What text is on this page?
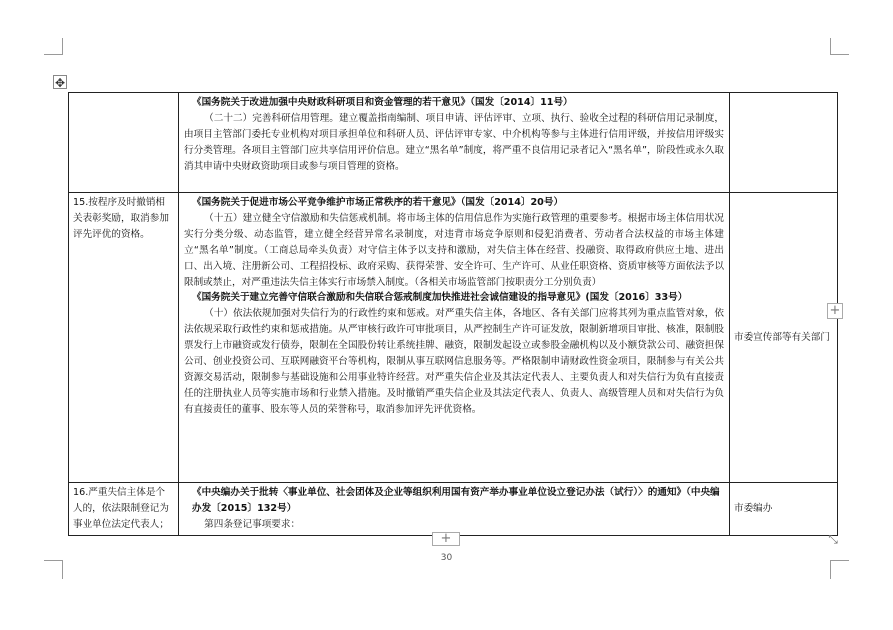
✥

	《国务院关于改进加强中央财政科研项目和资金管理的若干意见》（国发〔2014〕11号）
（二十二）完善科研信用管理。建立覆盖指南编制、项目申请、评估评审、立项、执行、验收全过程的科研信用记录制度，由项目主管部门委托专业机构对项目承担单位和科研人员、评估评审专家、中介机构等参与主体进行信用评级，并按信用评级实行分类管理。各项目主管部门应共享信用评价信息。建立“黑名单”制度，将严重不良信用记录者记入“黑名单”，阶段性或永久取消其申请中央财政资助项目或参与项目管理的资格。	

15.按程序及时撤销相关表彰奖励，取消参加评先评优的资格。	《国务院关于促进市场公平竞争维护市场正常秩序的若干意见》（国发〔2014〕20号）
（十五）建立健全守信激励和失信惩戒机制。将市场主体的信用信息作为实施行政管理的重要参考。根据市场主体信用状况实行分类分级、动态监管，建立健全经营异常名录制度，对违背市场竞争原则和侵犯消费者、劳动者合法权益的市场主体建立“黑名单”制度。（工商总局牵头负责）对守信主体予以支持和激励，对失信主体在经营、投融资、取得政府供应土地、进出口、出入境、注册新公司、工程招投标、政府采购、获得荣誉、安全许可、生产许可、从业任职资格、资质审核等方面依法予以限制或禁止，对严重违法失信主体实行市场禁入制度。（各相关市场监管部门按职责分工分别负责）
《国务院关于建立完善守信联合激励和失信联合惩戒制度加快推进社会诚信建设的指导意见》(国发〔2016〕33号）
（十）依法依规加强对失信行为的行政性约束和惩戒。对严重失信主体，各地区、各有关部门应将其列为重点监管对象，依法依规采取行政性约束和惩戒措施。从严审核行政许可审批项目，从严控制生产许可证发放，限制新增项目审批、核准，限制股票发行上市融资或发行债券，限制在全国股份转让系统挂牌、融资，限制发起设立或参股金融机构以及小额贷款公司、融资担保公司、创业投资公司、互联网融资平台等机构，限制从事互联网信息服务等。严格限制申请财政性资金项目，限制参与有关公共资源交易活动，限制参与基础设施和公用事业特许经营。对严重失信企业及其法定代表人、主要负责人和对失信行为负有直接责任的注册执业人员等实施市场和行业禁入措施。及时撤销严重失信企业及其法定代表人、负责人、高级管理人员和对失信行为负有直接责任的董事、股东等人员的荣誉称号，取消参加评先评优资格。	市委宣传部等有关部门

16.严重失信主体是个人的，依法限制登记为事业单位法定代表人；	《中央编办关于批转〈事业单位、社会团体及企业等组织利用国有资产举办事业单位设立登记办法（试行）〉的通知》（中央编办发〔2015〕132号）
第四条登记事项要求：	市委编办
+
+	⤡
30
